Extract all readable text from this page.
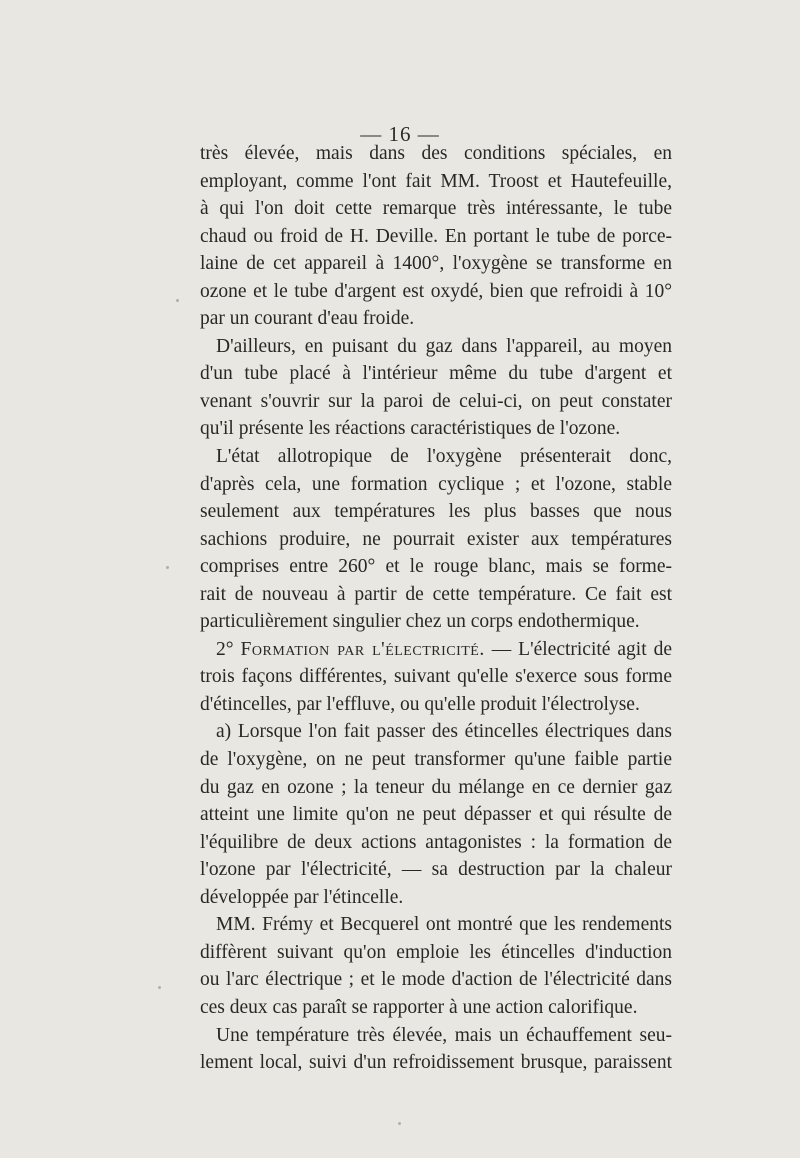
— 16 —
très élevée, mais dans des conditions spéciales, en
employant, comme l'ont fait MM. Troost et Hautefeuille,
à qui l'on doit cette remarque très intéressante, le tube
chaud ou froid de H. Deville. En portant le tube de porce-
laine de cet appareil à 1400°, l'oxygène se transforme en
ozone et le tube d'argent est oxydé, bien que refroidi à 10°
par un courant d'eau froide.
D'ailleurs, en puisant du gaz dans l'appareil, au moyen
d'un tube placé à l'intérieur même du tube d'argent et
venant s'ouvrir sur la paroi de celui-ci, on peut constater
qu'il présente les réactions caractéristiques de l'ozone.
L'état allotropique de l'oxygène présenterait donc,
d'après cela, une formation cyclique ; et l'ozone, stable
seulement aux températures les plus basses que nous
sachions produire, ne pourrait exister aux températures
comprises entre 260° et le rouge blanc, mais se forme-
rait de nouveau à partir de cette température. Ce fait est
particulièrement singulier chez un corps endothermique.
2° Formation par l'électricité. — L'électricité agit de
trois façons différentes, suivant qu'elle s'exerce sous forme
d'étincelles, par l'effluve, ou qu'elle produit l'électrolyse.
a) Lorsque l'on fait passer des étincelles électriques dans
de l'oxygène, on ne peut transformer qu'une faible partie
du gaz en ozone ; la teneur du mélange en ce dernier gaz
atteint une limite qu'on ne peut dépasser et qui résulte de
l'équilibre de deux actions antagonistes : la formation de
l'ozone par l'électricité, — sa destruction par la chaleur
développée par l'étincelle.
MM. Frémy et Becquerel ont montré que les rendements
diffèrent suivant qu'on emploie les étincelles d'induction
ou l'arc électrique ; et le mode d'action de l'électricité dans
ces deux cas paraît se rapporter à une action calorifique.
Une température très élevée, mais un échauffement seu-
lement local, suivi d'un refroidissement brusque, paraissent
